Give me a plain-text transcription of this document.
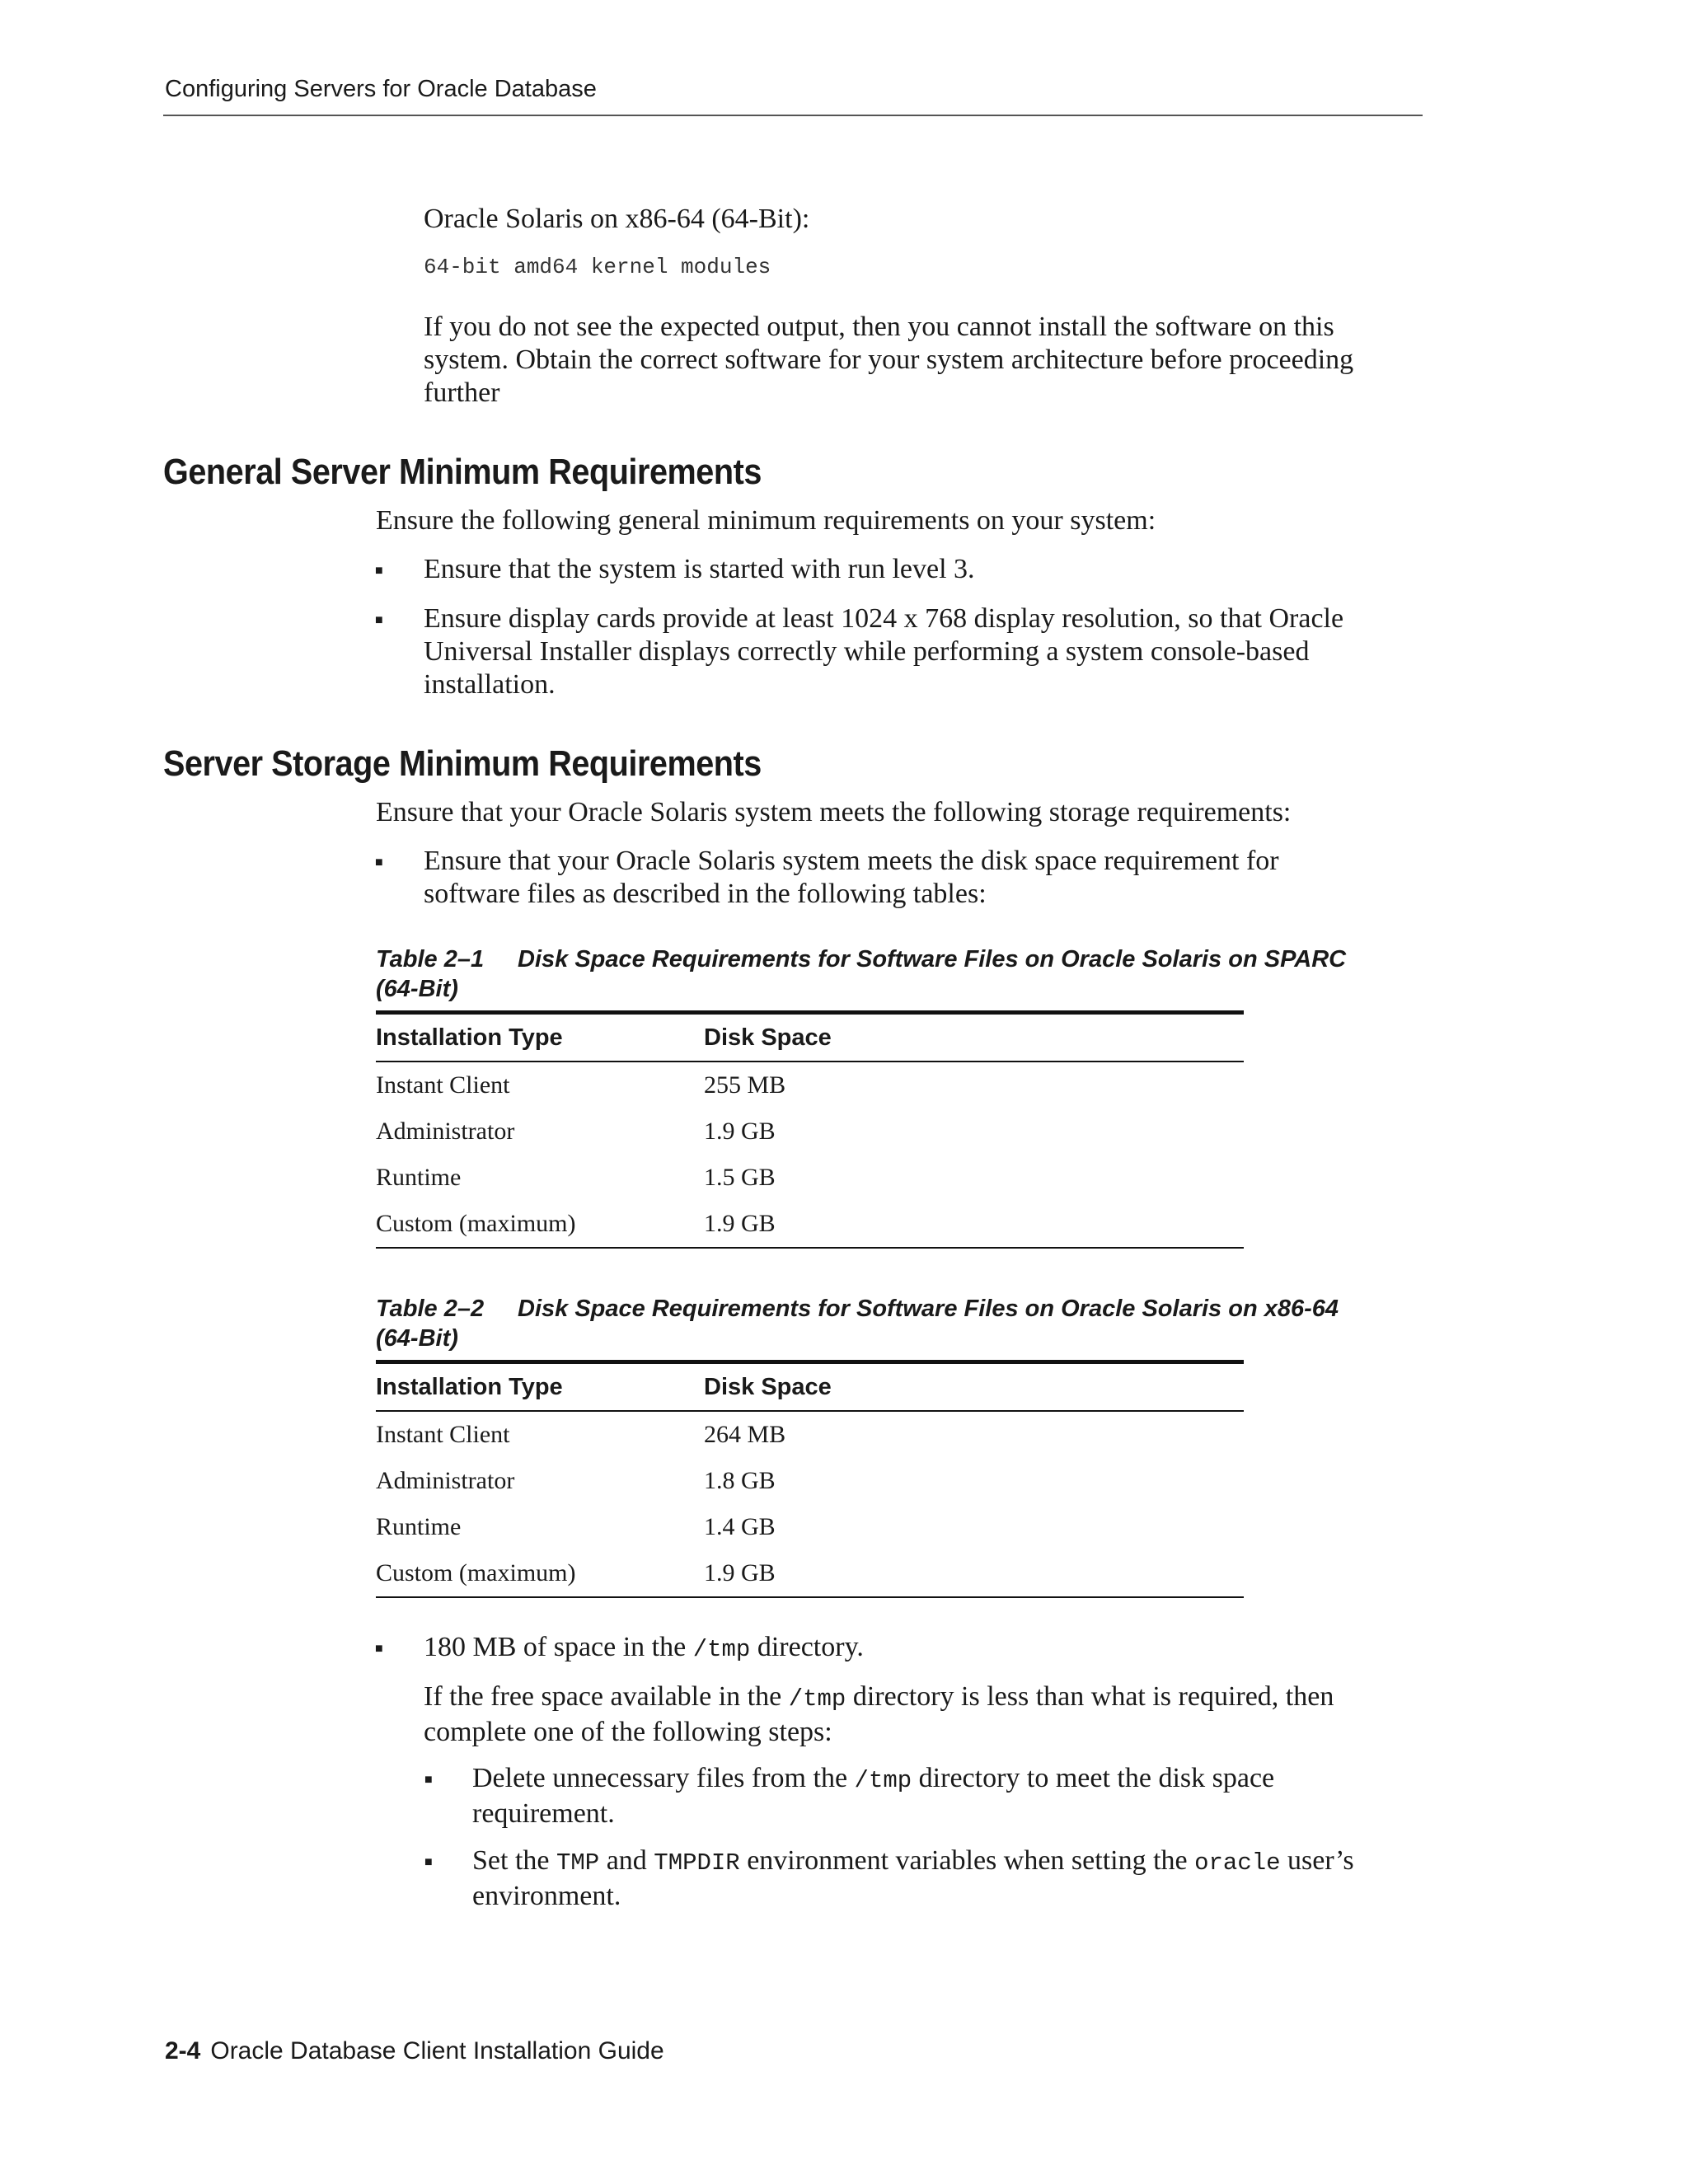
Configuring Servers for Oracle Database
Oracle Solaris on x86-64 (64-Bit):
64-bit amd64 kernel modules
If you do not see the expected output, then you cannot install the software on this
system. Obtain the correct software for your system architecture before proceeding
further
General Server Minimum Requirements
Ensure the following general minimum requirements on your system:
■ Ensure that the system is started with run level 3.
■ Ensure display cards provide at least 1024 x 768 display resolution, so that Oracle
Universal Installer displays correctly while performing a system console-based
installation.
Server Storage Minimum Requirements
Ensure that your Oracle Solaris system meets the following storage requirements:
■ Ensure that your Oracle Solaris system meets the disk space requirement for
software files as described in the following tables:
Table 2–1 Disk Space Requirements for Software Files on Oracle Solaris on SPARC
(64-Bit)
Installation Type	Disk Space
Instant Client	255 MB
Administrator	1.9 GB
Runtime	1.5 GB
Custom (maximum)	1.9 GB
Table 2–2 Disk Space Requirements for Software Files on Oracle Solaris on x86-64
(64-Bit)
Installation Type	Disk Space
Instant Client	264 MB
Administrator	1.8 GB
Runtime	1.4 GB
Custom (maximum)	1.9 GB
■ 180 MB of space in the /tmp directory.
If the free space available in the /tmp directory is less than what is required, then
complete one of the following steps:
■ Delete unnecessary files from the /tmp directory to meet the disk space
requirement.
■ Set the TMP and TMPDIR environment variables when setting the oracle user’s
environment.
2-4 Oracle Database Client Installation Guide
